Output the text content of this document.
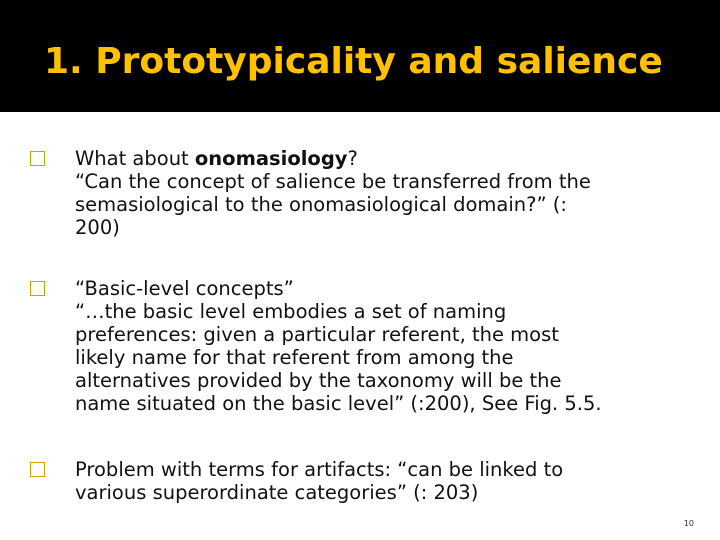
1. Prototypicality and salience
What about onomasiology?
“Can the concept of salience be transferred from the
semasiological to the onomasiological domain?” (:
200)
“Basic-level concepts”
“…the basic level embodies a set of naming
preferences: given a particular referent, the most
likely name for that referent from among the
alternatives provided by the taxonomy will be the
name situated on the basic level” (:200), See Fig. 5.5.
Problem with terms for artifacts: “can be linked to
various superordinate categories” (: 203)
10
